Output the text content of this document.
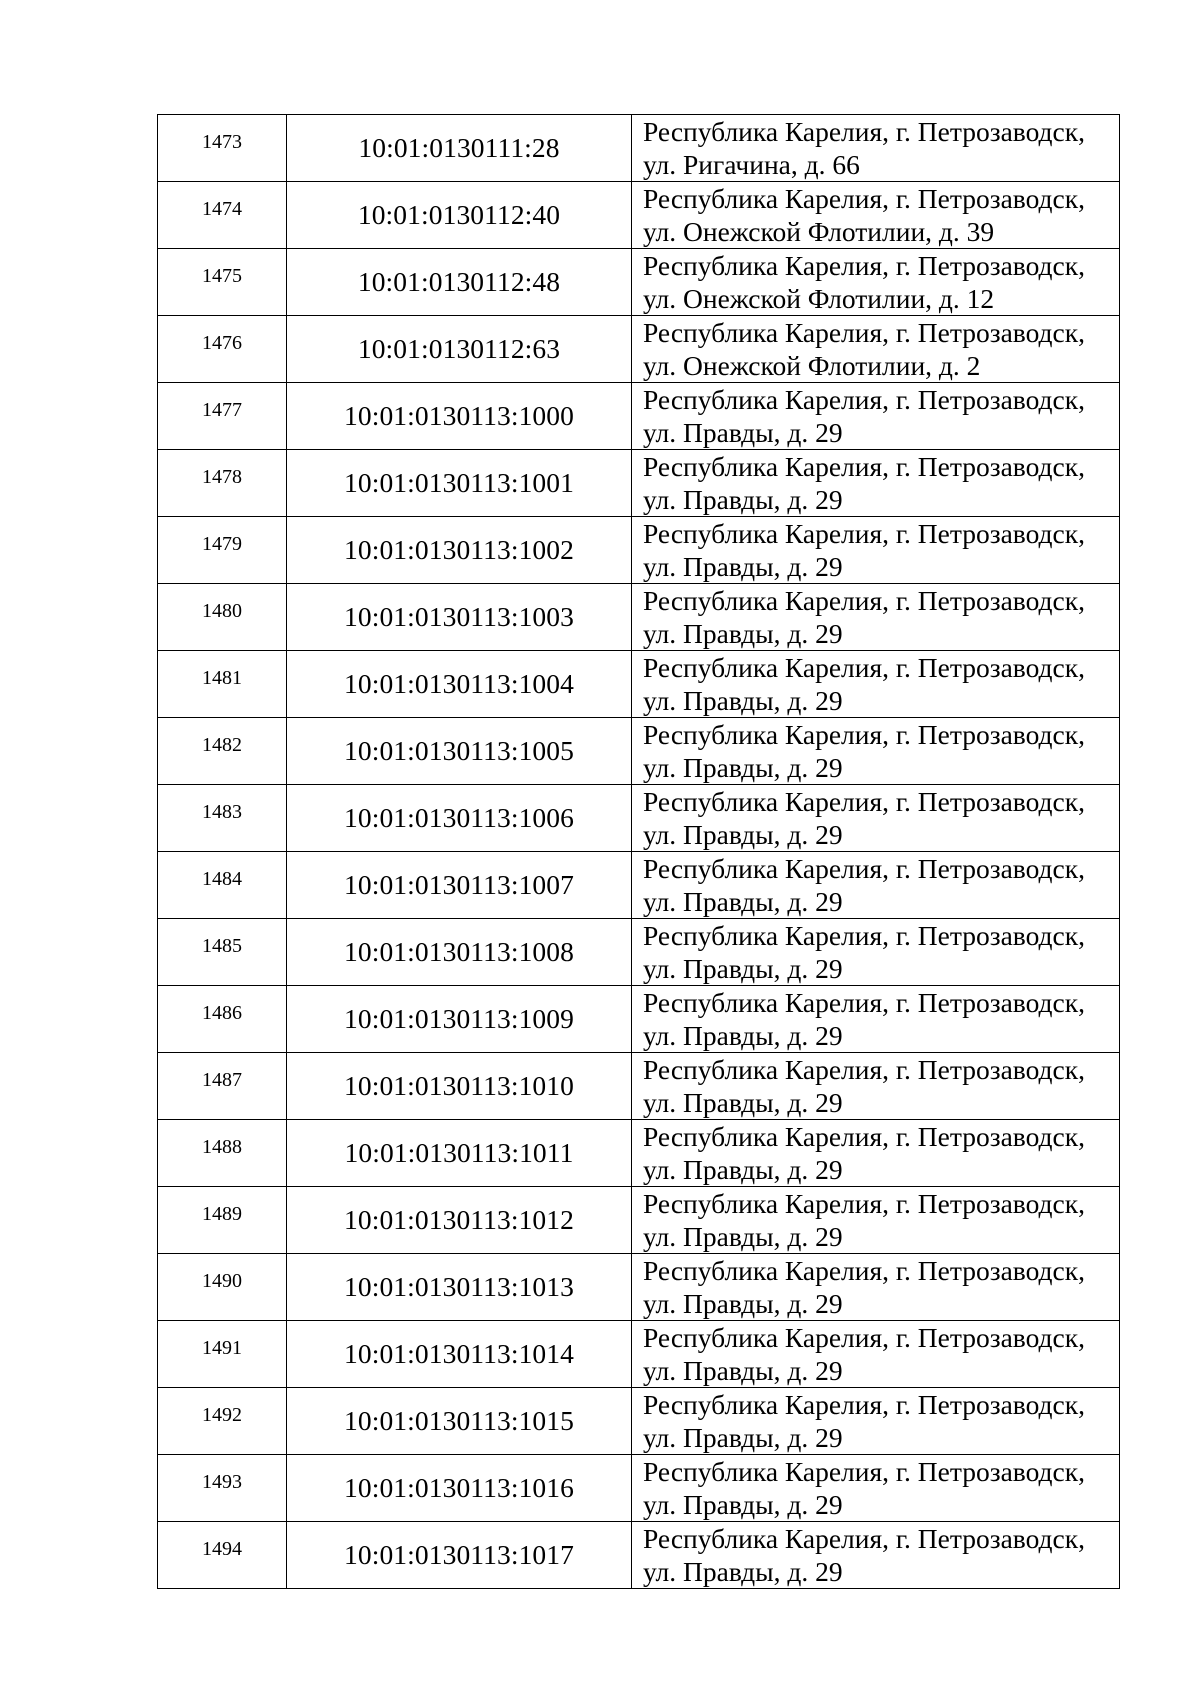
1473	10:01:0130111:28	Республика Карелия, г. Петрозаводск,
ул. Ригачина, д. 66

1474	10:01:0130112:40	Республика Карелия, г. Петрозаводск,
ул. Онежской Флотилии, д. 39

1475	10:01:0130112:48	Республика Карелия, г. Петрозаводск,
ул. Онежской Флотилии, д. 12

1476	10:01:0130112:63	Республика Карелия, г. Петрозаводск,
ул. Онежской Флотилии, д. 2

1477	10:01:0130113:1000	Республика Карелия, г. Петрозаводск,
ул. Правды, д. 29

1478	10:01:0130113:1001	Республика Карелия, г. Петрозаводск,
ул. Правды, д. 29

1479	10:01:0130113:1002	Республика Карелия, г. Петрозаводск,
ул. Правды, д. 29

1480	10:01:0130113:1003	Республика Карелия, г. Петрозаводск,
ул. Правды, д. 29

1481	10:01:0130113:1004	Республика Карелия, г. Петрозаводск,
ул. Правды, д. 29

1482	10:01:0130113:1005	Республика Карелия, г. Петрозаводск,
ул. Правды, д. 29

1483	10:01:0130113:1006	Республика Карелия, г. Петрозаводск,
ул. Правды, д. 29

1484	10:01:0130113:1007	Республика Карелия, г. Петрозаводск,
ул. Правды, д. 29

1485	10:01:0130113:1008	Республика Карелия, г. Петрозаводск,
ул. Правды, д. 29

1486	10:01:0130113:1009	Республика Карелия, г. Петрозаводск,
ул. Правды, д. 29

1487	10:01:0130113:1010	Республика Карелия, г. Петрозаводск,
ул. Правды, д. 29

1488	10:01:0130113:1011	Республика Карелия, г. Петрозаводск,
ул. Правды, д. 29

1489	10:01:0130113:1012	Республика Карелия, г. Петрозаводск,
ул. Правды, д. 29

1490	10:01:0130113:1013	Республика Карелия, г. Петрозаводск,
ул. Правды, д. 29

1491	10:01:0130113:1014	Республика Карелия, г. Петрозаводск,
ул. Правды, д. 29

1492	10:01:0130113:1015	Республика Карелия, г. Петрозаводск,
ул. Правды, д. 29

1493	10:01:0130113:1016	Республика Карелия, г. Петрозаводск,
ул. Правды, д. 29

1494	10:01:0130113:1017	Республика Карелия, г. Петрозаводск,
ул. Правды, д. 29
